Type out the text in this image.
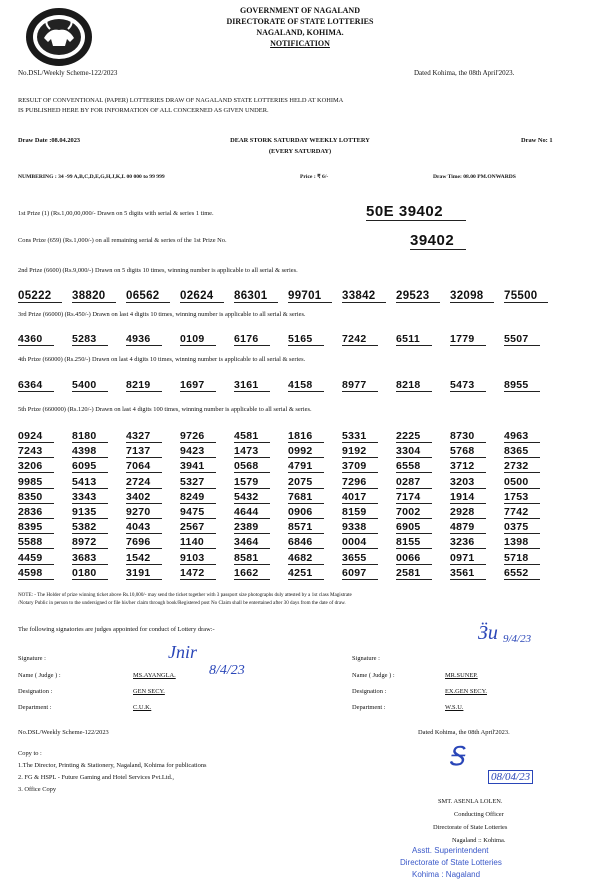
GOVERNMENT OF NAGALAND
DIRECTORATE OF STATE LOTTERIES
NAGALAND, KOHIMA.
NOTIFICATION
No.DSL/Weekly Scheme-122/2023	Dated Kohima, the 08th April'2023.
RESULT OF CONVENTIONAL (PAPER) LOTTERIES DRAW OF NAGALAND STATE LOTTERIES HELD AT KOHIMA
IS PUBLISHED HERE BY FOR INFORMATION OF ALL CONCERNED AS GIVEN UNDER.
Draw Date :08.04.2023	DEAR STORK SATURDAY WEEKLY LOTTERY
(EVERY SATURDAY)
Draw No: 1
NUMBERING : 34 -99 A,B,C,D,E,G,H,J,K,L 00 000 to 99 999	Price : ₹ 6/-	Draw Time: 08.00 PM.ONWARDS
1st Prize (1) (Rs.1,00,00,000/- Drawn on 5 digits with serial & series 1 time.	50E 39402
Cons Prize (659) (Rs.1,000/-) on all remaining serial & series of the 1st Prize No.	39402
2nd Prize (6600) (Rs.9,000/-) Drawn on 5 digits 10 times, winning number is applicable to all serial & series.
05222	38820	06562	02624	86301	99701	33842	29523	32098	75500
3rd Prize (66000) (Rs.450/-) Drawn on last 4 digits 10 times, winning number is applicable to all serial & series.
4360	5283	4936	0109	6176	5165	7242	6511	1779	5507
4th Prize (66000) (Rs.250/-) Drawn on last 4 digits 10 times, winning number is applicable to all serial & series.
6364	5400	8219	1697	3161	4158	8977	8218	5473	8955
5th Prize (660000) (Rs.120/-) Drawn on last 4 digits 100 times, winning number is applicable to all serial & series.
0924	8180	4327	9726	4581	1816	5331	2225	8730	4963
7243	4398	7137	9423	1473	0992	9192	3304	5768	8365
3206	6095	7064	3941	0568	4791	3709	6558	3712	2732
9985	5413	2724	5327	1579	2075	7296	0287	3203	0500
8350	3343	3402	8249	5432	7681	4017	7174	1914	1753
2836	9135	9270	9475	4644	0906	8159	7002	2928	7742
8395	5382	4043	2567	2389	8571	9338	6905	4879	0375
5588	8972	7696	1140	3464	6846	0004	8155	3236	1398
4459	3683	1542	9103	8581	4682	3655	0066	0971	5718
4598	0180	3191	1472	1662	4251	6097	2581	3561	6552
NOTE: - The Holder of prize winning ticket above Rs.10,000/- may send the ticket together with 3 passport size photographs duly attested by a 1st class Magistrate
/Notary Public in person to the undersigned or file his/her claim through book/Registered post No Claim shall be entertained after 30 days from the date of draw.
The following signatories are judges appointed for conduct of Lottery draw:-
Signature :	Jnir
Name ( Judge ) :	MS.AYANGLA. 8/4/23
Designation :	GEN SECY.
Department :	C.U.K.
Signature :
Ӟu 9/4/23
Name ( Judge ) :	MR.SUNEP.
Designation :	EX.GEN SECY.
Department :	W.S.U.
No.DSL/Weekly Scheme-122/2023	Dated Kohima, the 08th April'2023.
Copy to :
1.The Director, Printing & Stationery, Nagaland, Kohima for publications
2. FG & HSPL - Future Gaming and Hotel Services Pvt.Ltd.,
3. Office Copy
Ꭶ
08/04/23
SMT. ASENLA LOLEN.
Conducting Officer
Directorate of State Lotteries
Nagaland :: Kohima.
Asstt. Superintendent
Directorate of State Lotteries
Kohima : Nagaland
